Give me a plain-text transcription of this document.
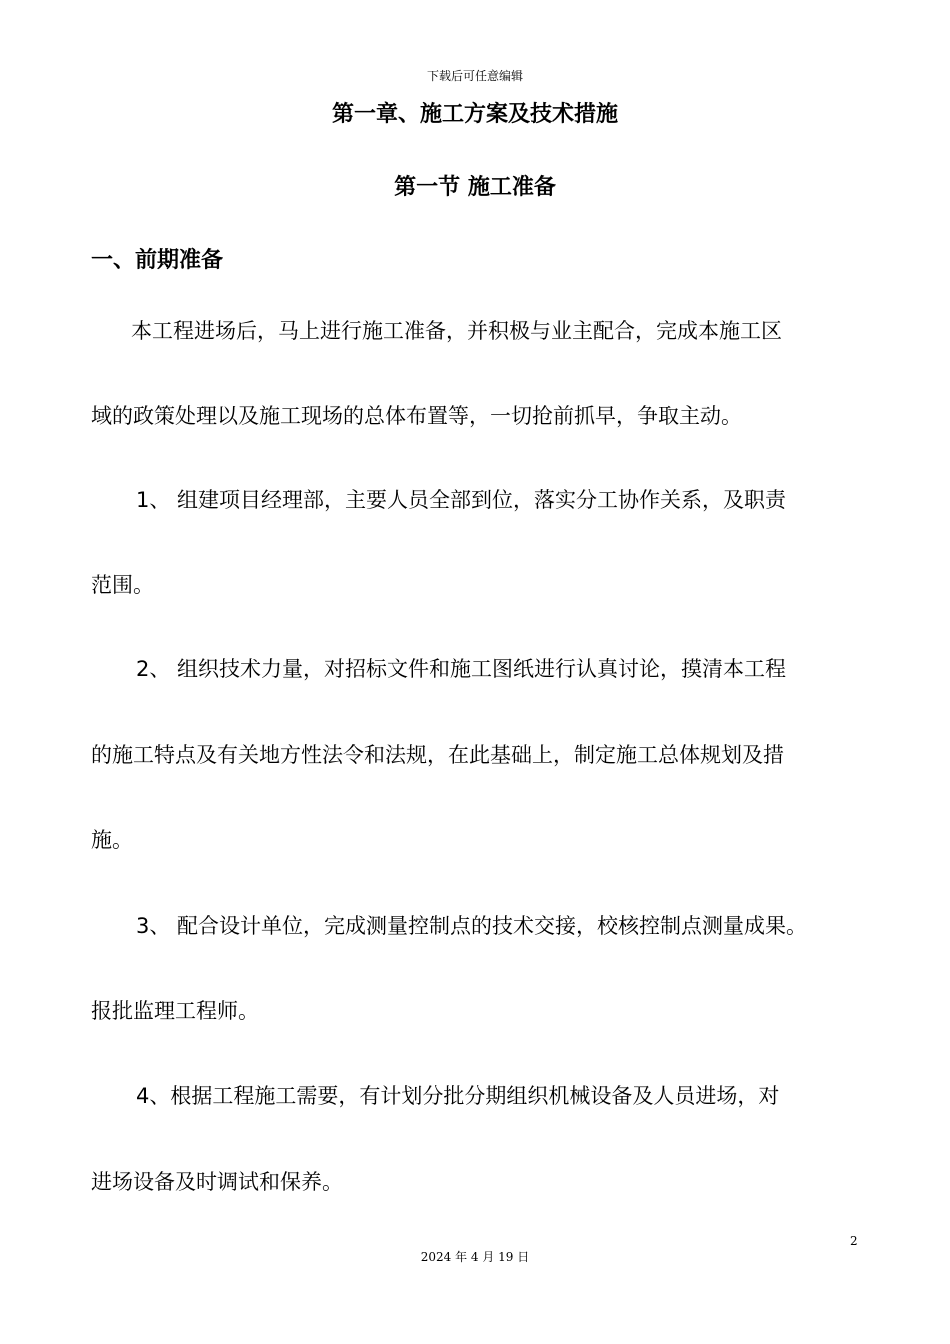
下载后可任意编辑
第一章、施工方案及技术措施
第一节 施工准备
一、前期准备
本工程进场后，马上进行施工准备，并积极与业主配合，完成本施工区
域的政策处理以及施工现场的总体布置等，一切抢前抓早，争取主动。
1、 组建项目经理部，主要人员全部到位，落实分工协作关系，及职责
范围。
2、 组织技术力量，对招标文件和施工图纸进行认真讨论，摸清本工程
的施工特点及有关地方性法令和法规，在此基础上，制定施工总体规划及措
施。
3、 配合设计单位，完成测量控制点的技术交接，校核控制点测量成果。
报批监理工程师。
4、根据工程施工需要，有计划分批分期组织机械设备及人员进场，对
进场设备及时调试和保养。
2
2024 年 4 月 19 日
